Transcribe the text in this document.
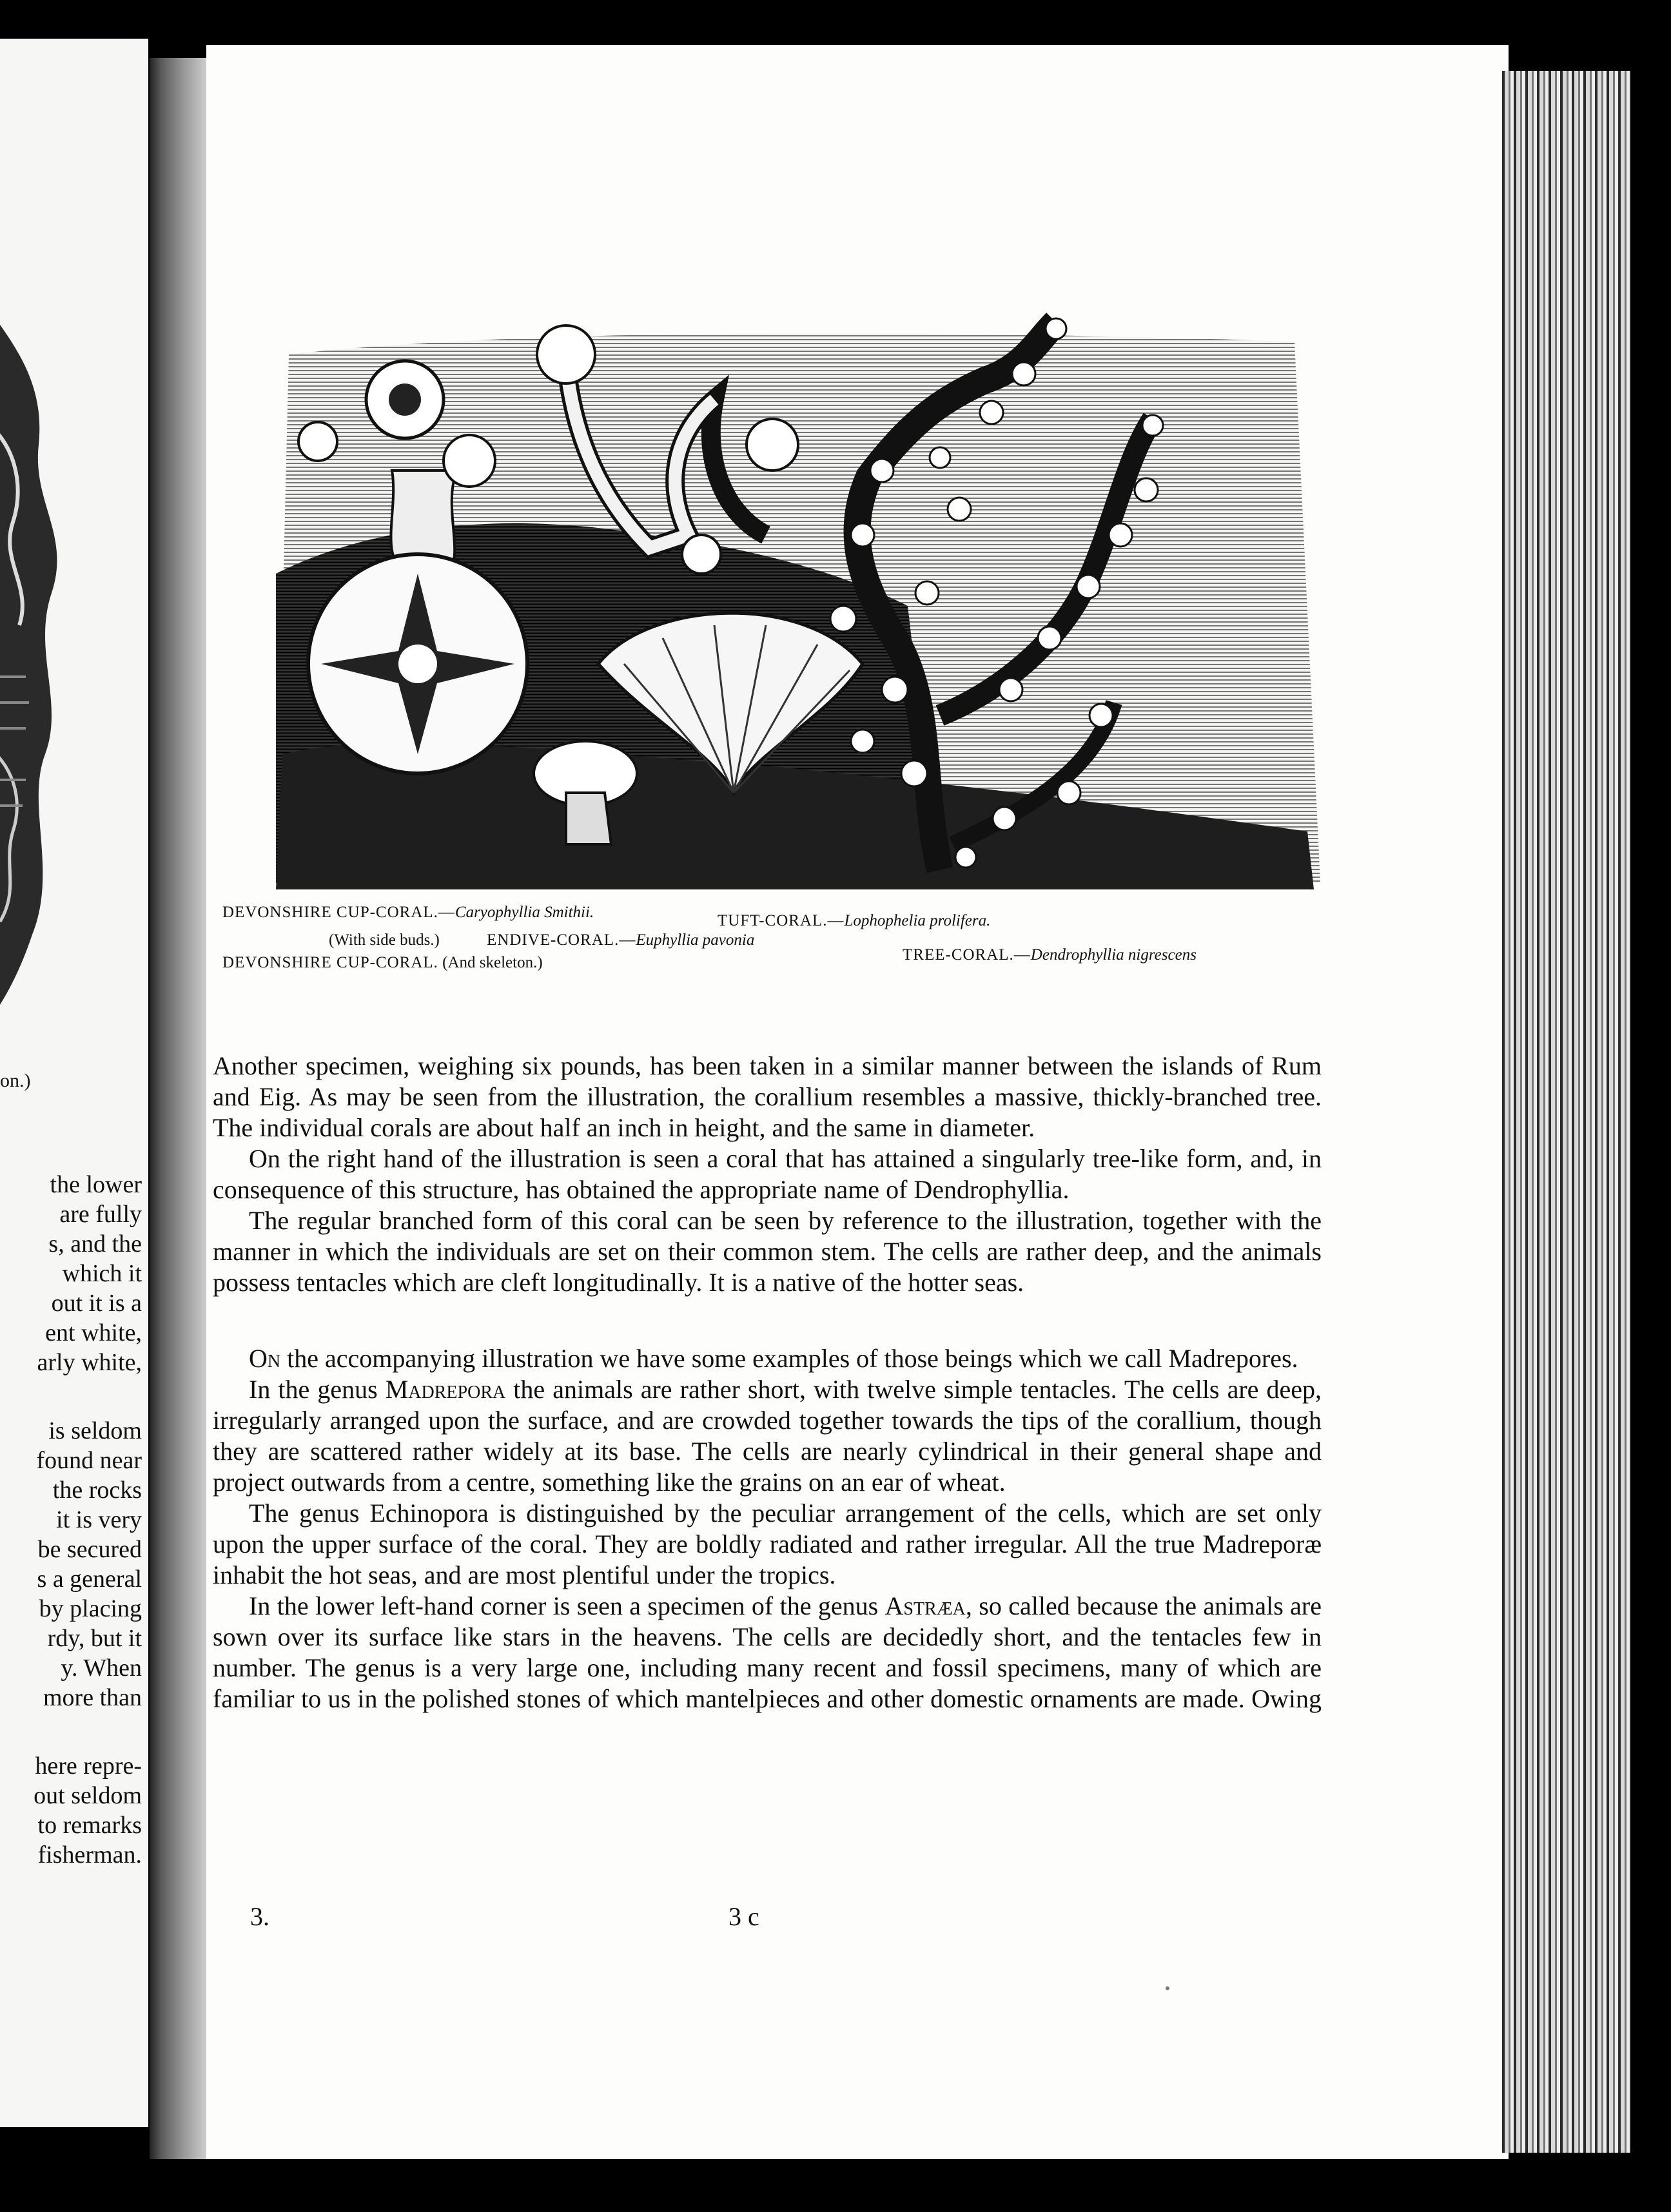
on.)
the lower
are fully
s, and the
which it
out it is a
ent white,
arly white,
is seldom
found near
the rocks
it is very
be secured
s a general
by placing
rdy, but it
y. When
more than
here repre-
out seldom
to remarks
fisherman.
DEVONSHIRE CUP-CORAL.—Caryophyllia Smithii.	TUFT-CORAL.—Lophophelia prolifera.
(With side buds.)	ENDIVE-CORAL.—Euphyllia pavonia
TREE-CORAL.—Dendrophyllia nigrescens
DEVONSHIRE CUP-CORAL. (And skeleton.)

Another specimen, weighing six pounds, has been taken in a similar manner between the islands of Rum and Eig. As may be seen from the illustration, the corallium resembles a massive, thickly-branched tree. The individual corals are about half an inch in height, and the same in diameter.

On the right hand of the illustration is seen a coral that has attained a singularly tree-like form, and, in consequence of this structure, has obtained the appropriate name of Dendrophyllia.

The regular branched form of this coral can be seen by reference to the illustration, together with the manner in which the individuals are set on their common stem. The cells are rather deep, and the animals possess tentacles which are cleft longitudinally. It is a native of the hotter seas.

On the accompanying illustration we have some examples of those beings which we call Madrepores.

In the genus Madrepora the animals are rather short, with twelve simple tentacles. The cells are deep, irregularly arranged upon the surface, and are crowded together towards the tips of the corallium, though they are scattered rather widely at its base. The cells are nearly cylindrical in their general shape and project outwards from a centre, something like the grains on an ear of wheat.

The genus Echinopora is distinguished by the peculiar arrangement of the cells, which are set only upon the upper surface of the coral. They are boldly radiated and rather irregular. All the true Madreporæ inhabit the hot seas, and are most plentiful under the tropics.

In the lower left-hand corner is seen a specimen of the genus Astræa, so called because the animals are sown over its surface like stars in the heavens. The cells are decidedly short, and the tentacles few in number. The genus is a very large one, including many recent and fossil specimens, many of which are familiar to us in the polished stones of which mantelpieces and other domestic ornaments are made. Owing

3.	3 c
